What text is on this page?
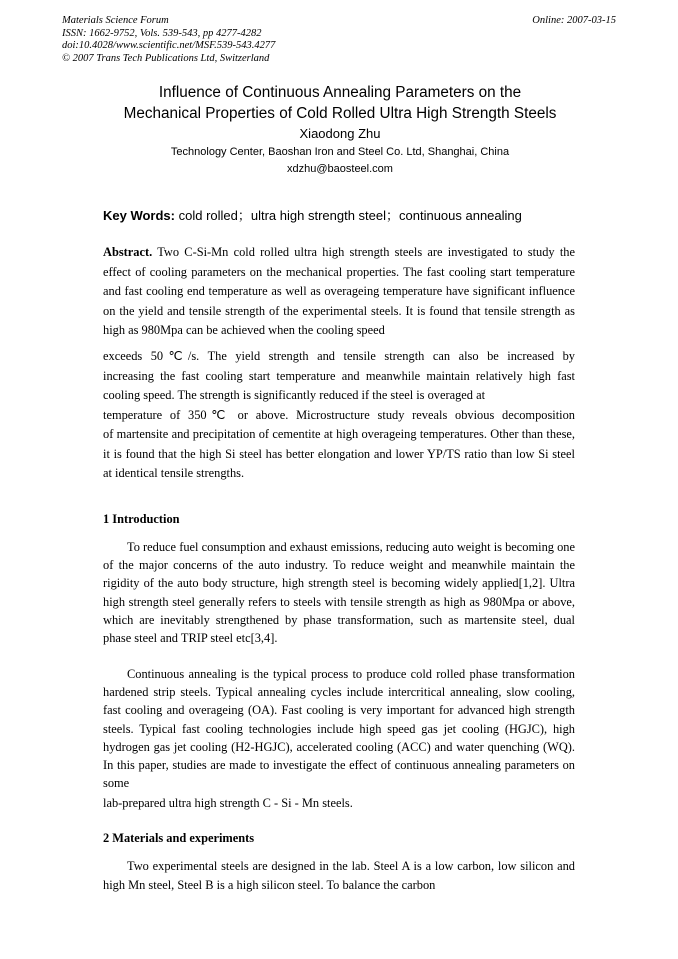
Materials Science Forum
ISSN: 1662-9752, Vols. 539-543, pp 4277-4282
doi:10.4028/www.scientific.net/MSF.539-543.4277
© 2007 Trans Tech Publications Ltd, Switzerland
Online: 2007-03-15
Influence of Continuous Annealing Parameters on the
Mechanical Properties of Cold Rolled Ultra High Strength Steels
Xiaodong Zhu
Technology Center, Baoshan Iron and Steel Co. Ltd, Shanghai, China
xdzhu@baosteel.com
Key Words: cold rolled；ultra high strength steel；continuous annealing

Abstract. Two C-Si-Mn cold rolled ultra high strength steels are investigated to study the effect of cooling parameters on the mechanical properties. The fast cooling start temperature and fast cooling end temperature as well as overageing temperature have significant influence on the yield and tensile strength of the experimental steels. It is found that tensile strength as high as 980Mpa can be achieved when the cooling speed
exceeds 50℃/s. The yield strength and tensile strength can also be increased by
increasing the fast cooling start temperature and meanwhile maintain relatively high fast cooling speed. The strength is significantly reduced if the steel is overaged at
temperature of 350℃ or above. Microstructure study reveals obvious decomposition
of martensite and precipitation of cementite at high overageing temperatures. Other than these, it is found that the high Si steel has better elongation and lower YP/TS ratio than low Si steel at identical tensile strengths.

1 Introduction

To reduce fuel consumption and exhaust emissions, reducing auto weight is becoming one of the major concerns of the auto industry. To reduce weight and meanwhile maintain the rigidity of the auto body structure, high strength steel is becoming widely applied[1,2]. Ultra high strength steel generally refers to steels with tensile strength as high as 980Mpa or above, which are inevitably strengthened by phase transformation, such as martensite steel, dual phase steel and TRIP steel etc[3,4].

Continuous annealing is the typical process to produce cold rolled phase transformation hardened strip steels. Typical annealing cycles include intercritical annealing, slow cooling, fast cooling and overageing (OA). Fast cooling is very important for advanced high strength steels. Typical fast cooling technologies include high speed gas jet cooling (HGJC), high hydrogen gas jet cooling (H2-HGJC), accelerated cooling (ACC) and water quenching (WQ). In this paper, studies are made to investigate the effect of continuous annealing parameters on some

lab-prepared ultra high strength C - Si - Mn steels.
2 Materials and experiments

Two experimental steels are designed in the lab. Steel A is a low carbon, low silicon and high Mn steel, Steel B is a high silicon steel. To balance the carbon
